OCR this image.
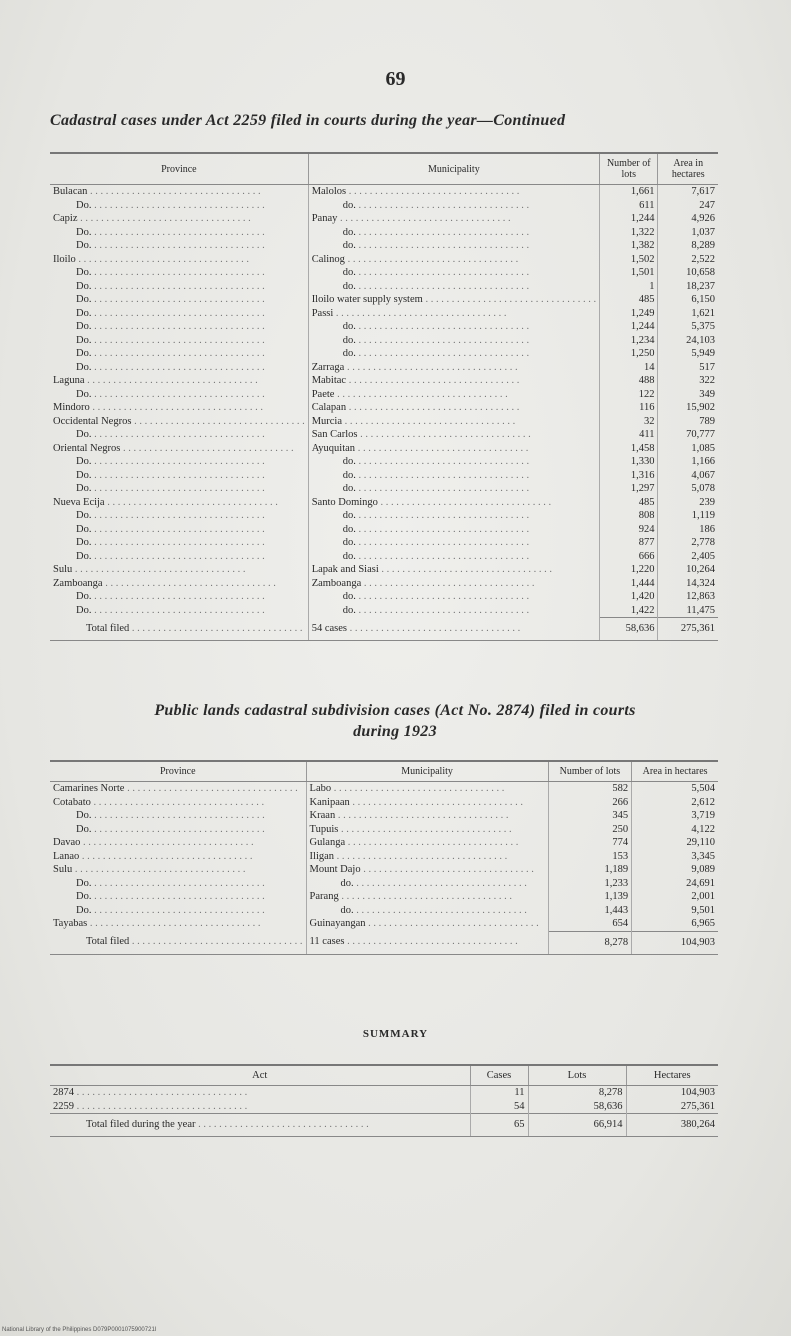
69
Cadastral cases under Act 2259 filed in courts during the year—Continued
Province	Municipality	Number of lots	Area in hectares
Bulacan . . .	Malolos . . .	1,661	7,617
Do. . . .	do. . . .	611	247
Capiz . . .	Panay . . .	1,244	4,926
Do. . . .	do. . . .	1,322	1,037
Do. . . .	do. . . .	1,382	8,289
Iloilo . . .	Calinog . . .	1,502	2,522
Do. . . .	do. . . .	1,501	10,658
Do. . . .	do. . . .	1	18,237
Do. . . .	Iloilo water supply system . . .	485	6,150
Do. . . .	Passi . . .	1,249	1,621
Do. . . .	do. . . .	1,244	5,375
Do. . . .	do. . . .	1,234	24,103
Do. . . .	do. . . .	1,250	5,949
Do. . . .	Zarraga . . .	14	517
Laguna . . .	Mabitac . . .	488	322
Do. . . .	Paete . . .	122	349
Mindoro . . .	Calapan . . .	116	15,902
Occidental Negros . . .	Murcia . . .	32	789
Do. . . .	San Carlos . . .	411	70,777
Oriental Negros . . .	Ayuquitan . . .	1,458	1,085
Do. . . .	do. . . .	1,330	1,166
Do. . . .	do. . . .	1,316	4,067
Do. . . .	do. . . .	1,297	5,078
Nueva Ecija . . .	Santo Domingo . . .	485	239
Do. . . .	do. . . .	808	1,119
Do. . . .	do. . . .	924	186
Do. . . .	do. . . .	877	2,778
Do. . . .	do. . . .	666	2,405
Sulu . . .	Lapak and Siasi . . .	1,220	10,264
Zamboanga . . .	Zamboanga . . .	1,444	14,324
Do. . . .	do. . . .	1,420	12,863
Do. . . .	do. . . .	1,422	11,475
Total filed . . .	54 cases . . .	58,636	275,361
Public lands cadastral subdivision cases (Act No. 2874) filed in courts
during 1923
Province	Municipality	Number of lots	Area in hectares
Camarines Norte . . .	Labo . . .	582	5,504
Cotabato . . .	Kanipaan . . .	266	2,612
Do. . . .	Kraan . . .	345	3,719
Do. . . .	Tupuis . . .	250	4,122
Davao . . .	Gulanga . . .	774	29,110
Lanao . . .	Iligan . . .	153	3,345
Sulu . . .	Mount Dajo . . .	1,189	9,089
Do. . . .	do. . . .	1,233	24,691
Do. . . .	Parang . . .	1,139	2,001
Do. . . .	do. . . .	1,443	9,501
Tayabas . . .	Guinayangan . . .	654	6,965
Total filed . . .	11 cases . . .	8,278	104,903
SUMMARY
Act	Cases	Lots	Hectares
2874 . . .	11	8,278	104,903
2259 . . .	54	58,636	275,361
Total filed during the year . . .	65	66,914	380,264
National Library of the Philippines D079P0001075900721I
